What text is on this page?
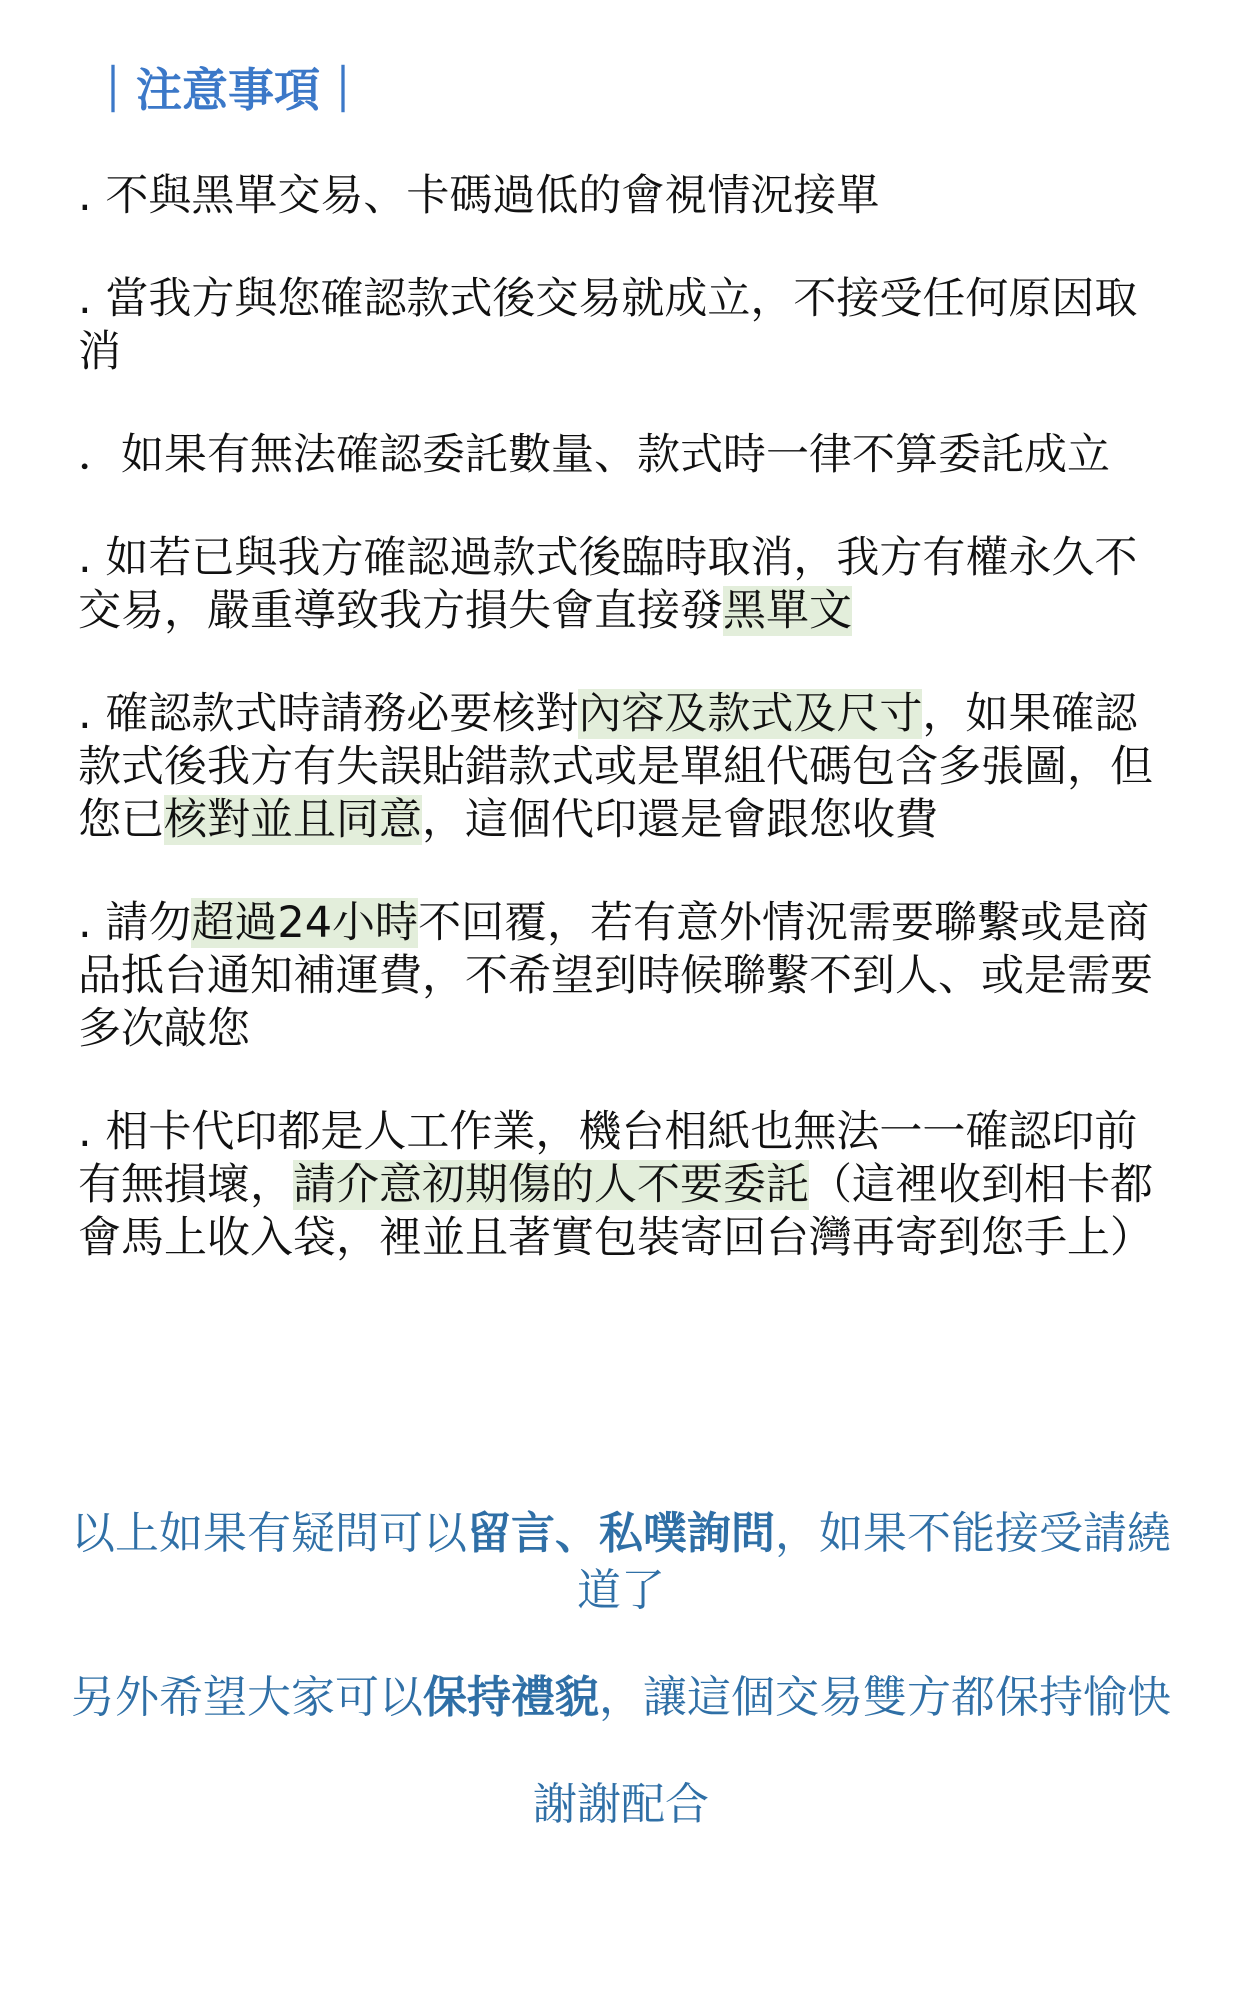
｜注意事項｜

. 不與黑單交易、卡碼過低的會視情況接單

. 當我方與您確認款式後交易就成立，不接受任何原因取消

．如果有無法確認委託數量、款式時一律不算委託成立

. 如若已與我方確認過款式後臨時取消，我方有權永久不交易，嚴重導致我方損失會直接發黑單文

. 確認款式時請務必要核對內容及款式及尺寸，如果確認款式後我方有失誤貼錯款式或是單組代碼包含多張圖，但您已核對並且同意，這個代印還是會跟您收費

. 請勿超過24小時不回覆，若有意外情況需要聯繫或是商品抵台通知補運費，不希望到時候聯繫不到人、或是需要多次敲您

. 相卡代印都是人工作業，機台相紙也無法一一確認印前有無損壞，請介意初期傷的人不要委託（這裡收到相卡都會馬上收入袋，裡並且著實包裝寄回台灣再寄到您手上）

以上如果有疑問可以留言、私噗詢問，如果不能接受請繞道了

另外希望大家可以保持禮貌，讓這個交易雙方都保持愉快

謝謝配合
